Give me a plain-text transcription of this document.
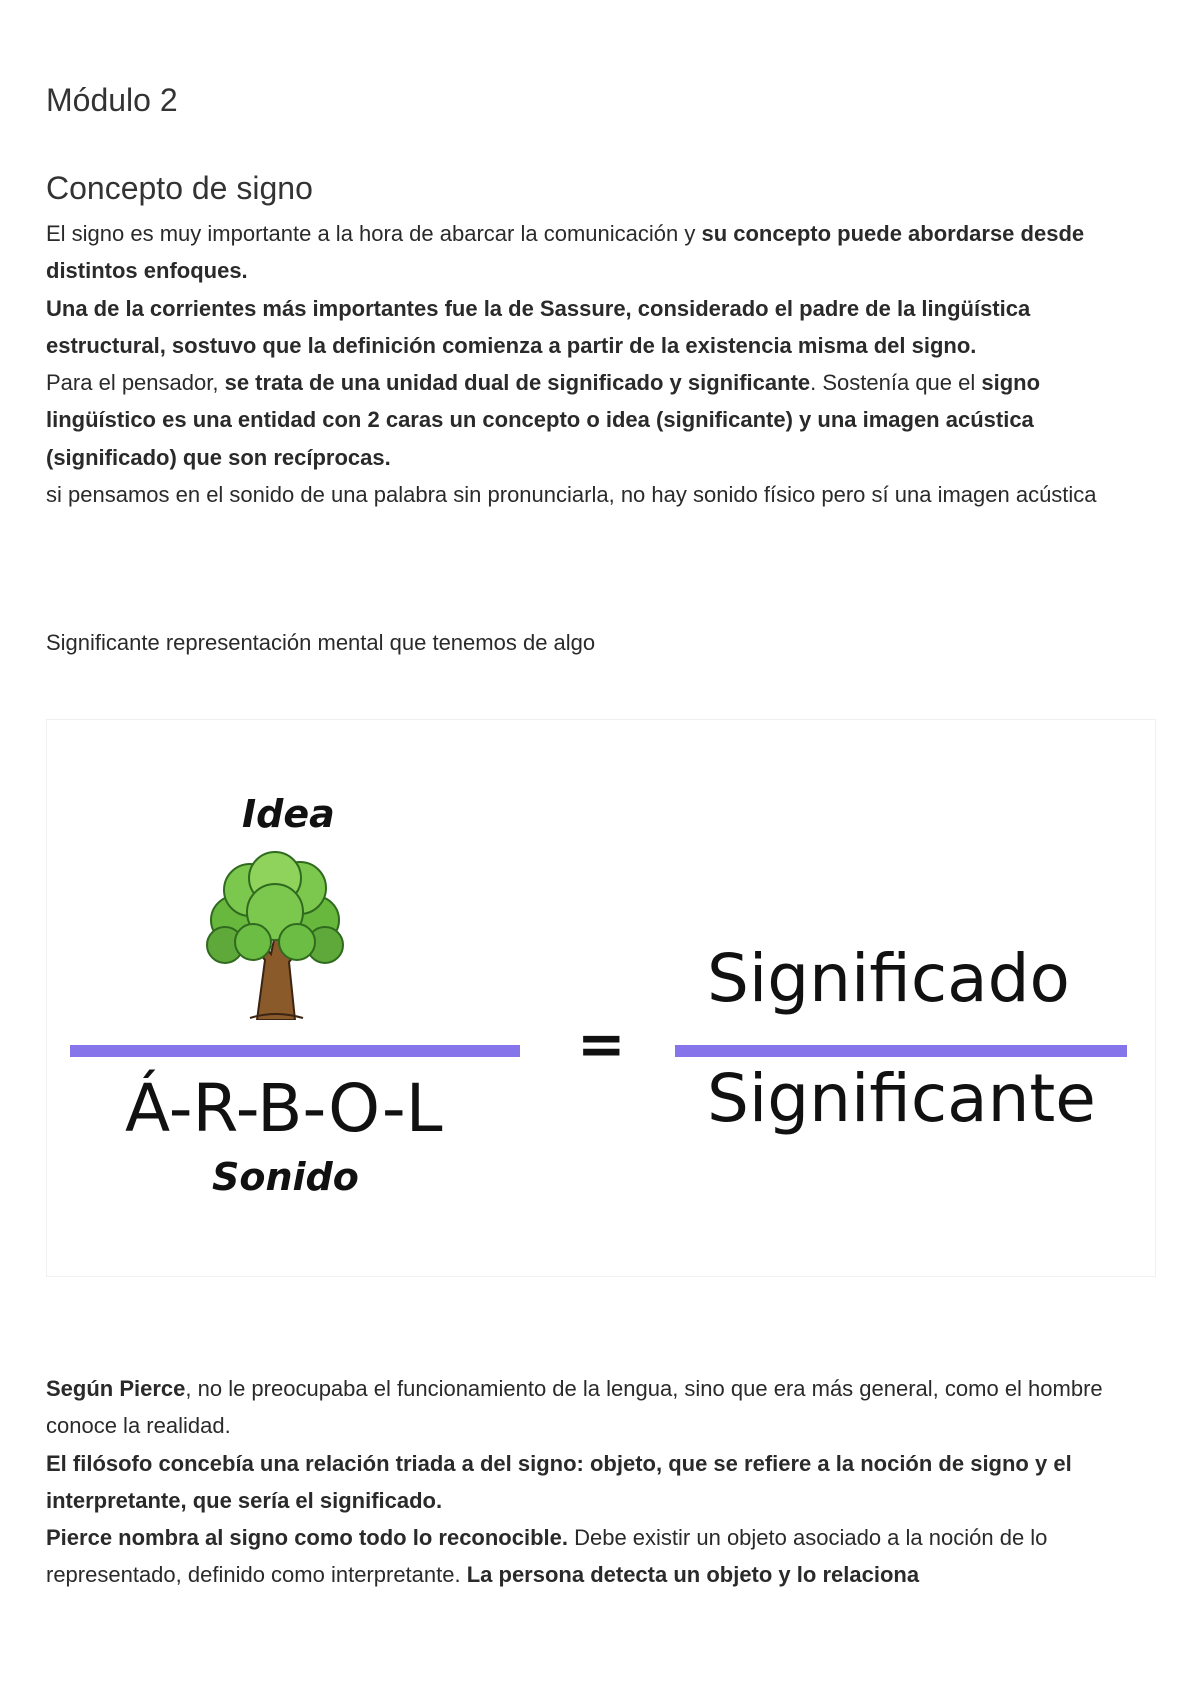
Módulo 2
Concepto de signo

El signo es muy importante a la hora de abarcar la comunicación y su concepto puede abordarse desde distintos enfoques.

Una de la corrientes más importantes fue la de Sassure, considerado el padre de la lingüística estructural, sostuvo que la definición comienza a partir de la existencia misma del signo.

Para el pensador, se trata de una unidad dual de significado y significante. Sostenía que el signo lingüístico es una entidad con 2 caras un concepto o idea (significante) y una imagen acústica (significado) que son recíprocas.

si pensamos en el sonido de una palabra sin pronunciarla, no hay sonido físico pero sí una imagen acústica

Significante representación mental que tenemos de algo

Idea
Á-R-B-O-L
Sonido
=
Significado
Significante

Según Pierce, no le preocupaba el funcionamiento de la lengua, sino que era más general, como el hombre conoce la realidad.

El filósofo concebía una relación triada a del signo: objeto, que se refiere a la noción de signo y el interpretante, que sería el significado.

Pierce nombra al signo como todo lo reconocible. Debe existir un objeto asociado a la noción de lo representado, definido como interpretante. La persona detecta un objeto y lo relaciona
